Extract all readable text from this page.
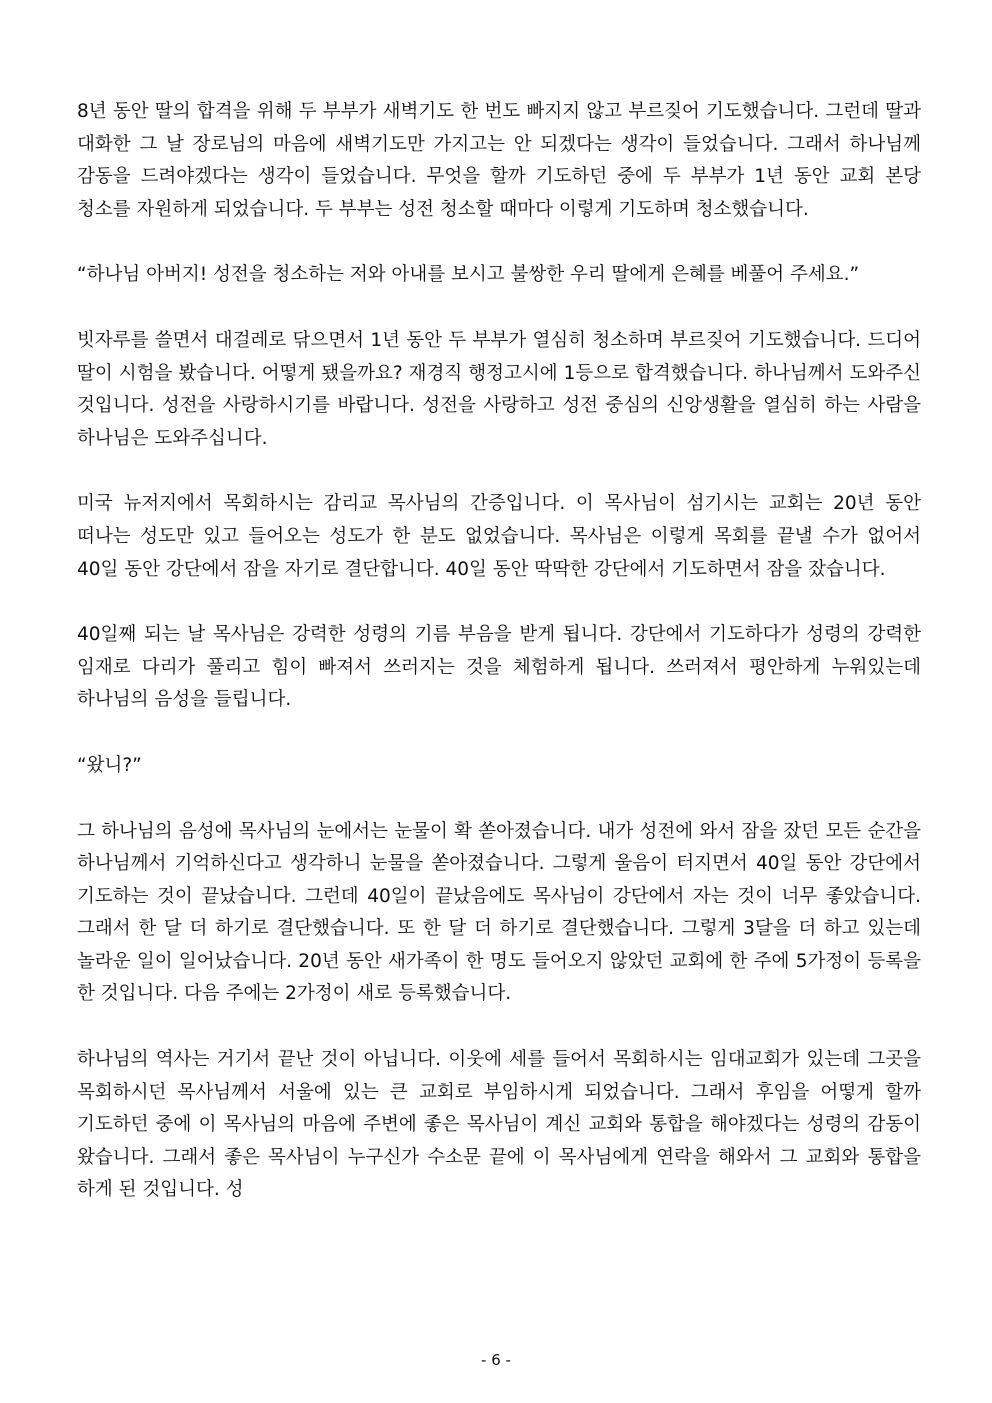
8년 동안 딸의 합격을 위해 두 부부가 새벽기도 한 번도 빠지지 않고 부르짖어 기도했습니다. 그런데 딸과 대화한 그 날 장로님의 마음에 새벽기도만 가지고는 안 되겠다는 생각이 들었습니다. 그래서 하나님께 감동을 드려야겠다는 생각이 들었습니다. 무엇을 할까 기도하던 중에 두 부부가 1년 동안 교회 본당 청소를 자원하게 되었습니다. 두 부부는 성전 청소할 때마다 이렇게 기도하며 청소했습니다.

“하나님 아버지! 성전을 청소하는 저와 아내를 보시고 불쌍한 우리 딸에게 은혜를 베풀어 주세요.”

빗자루를 쓸면서 대걸레로 닦으면서 1년 동안 두 부부가 열심히 청소하며 부르짖어 기도했습니다. 드디어 딸이 시험을 봤습니다. 어떻게 됐을까요? 재경직 행정고시에 1등으로 합격했습니다. 하나님께서 도와주신 것입니다. 성전을 사랑하시기를 바랍니다. 성전을 사랑하고 성전 중심의 신앙생활을 열심히 하는 사람을 하나님은 도와주십니다.

미국 뉴저지에서 목회하시는 감리교 목사님의 간증입니다. 이 목사님이 섬기시는 교회는 20년 동안 떠나는 성도만 있고 들어오는 성도가 한 분도 없었습니다. 목사님은 이렇게 목회를 끝낼 수가 없어서 40일 동안 강단에서 잠을 자기로 결단합니다. 40일 동안 딱딱한 강단에서 기도하면서 잠을 잤습니다.

40일째 되는 날 목사님은 강력한 성령의 기름 부음을 받게 됩니다. 강단에서 기도하다가 성령의 강력한 임재로 다리가 풀리고 힘이 빠져서 쓰러지는 것을 체험하게 됩니다. 쓰러져서 평안하게 누워있는데 하나님의 음성을 들립니다.

“왔니?”

그 하나님의 음성에 목사님의 눈에서는 눈물이 확 쏟아졌습니다. 내가 성전에 와서 잠을 잤던 모든 순간을 하나님께서 기억하신다고 생각하니 눈물을 쏟아졌습니다. 그렇게 울음이 터지면서 40일 동안 강단에서 기도하는 것이 끝났습니다. 그런데 40일이 끝났음에도 목사님이 강단에서 자는 것이 너무 좋았습니다. 그래서 한 달 더 하기로 결단했습니다. 또 한 달 더 하기로 결단했습니다. 그렇게 3달을 더 하고 있는데 놀라운 일이 일어났습니다. 20년 동안 새가족이 한 명도 들어오지 않았던 교회에 한 주에 5가정이 등록을 한 것입니다. 다음 주에는 2가정이 새로 등록했습니다.

하나님의 역사는 거기서 끝난 것이 아닙니다. 이웃에 세를 들어서 목회하시는 임대교회가 있는데 그곳을 목회하시던 목사님께서 서울에 있는 큰 교회로 부임하시게 되었습니다. 그래서 후임을 어떻게 할까 기도하던 중에 이 목사님의 마음에 주변에 좋은 목사님이 계신 교회와 통합을 해야겠다는 성령의 감동이 왔습니다. 그래서 좋은 목사님이 누구신가 수소문 끝에 이 목사님에게 연락을 해와서 그 교회와 통합을 하게 된 것입니다. 성

- 6 -
